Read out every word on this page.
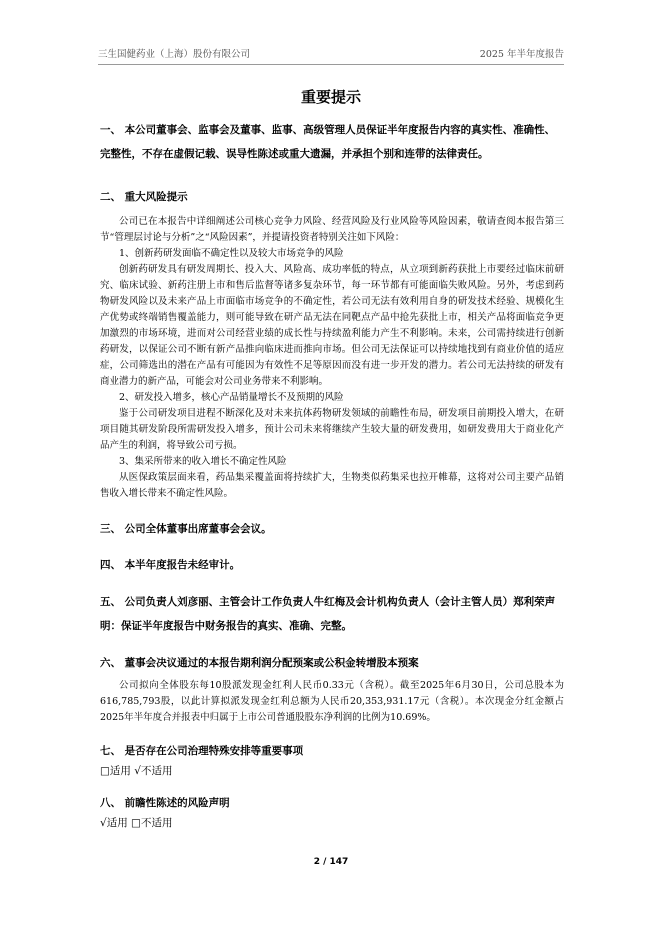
三生国健药业（上海）股份有限公司	2025 年半年度报告
重要提示
一、 本公司董事会、监事会及董事、监事、高级管理人员保证半年度报告内容的真实性、准确性、完整性，不存在虚假记载、误导性陈述或重大遗漏，并承担个别和连带的法律责任。
二、 重大风险提示
公司已在本报告中详细阐述公司核心竞争力风险、经营风险及行业风险等风险因素，敬请查阅本报告第三节“管理层讨论与分析”之“风险因素”，并提请投资者特别关注如下风险：
1、创新药研发面临不确定性以及较大市场竞争的风险
创新药研发具有研发周期长、投入大、风险高、成功率低的特点，从立项到新药获批上市要经过临床前研究、临床试验、新药注册上市和售后监督等诸多复杂环节，每一环节都有可能面临失败风险。另外，考虑到药物研发风险以及未来产品上市面临市场竞争的不确定性，若公司无法有效利用自身的研发技术经验、规模化生产优势或终端销售覆盖能力，则可能导致在研产品无法在同靶点产品中抢先获批上市，相关产品将面临竞争更加激烈的市场环境，进而对公司经营业绩的成长性与持续盈利能力产生不利影响。未来，公司需持续进行创新药研发，以保证公司不断有新产品推向临床进而推向市场。但公司无法保证可以持续地找到有商业价值的适应症，公司筛选出的潜在产品有可能因为有效性不足等原因而没有进一步开发的潜力。若公司无法持续的研发有商业潜力的新产品，可能会对公司业务带来不利影响。
2、研发投入增多，核心产品销量增长不及预期的风险
鉴于公司研发项目进程不断深化及对未来抗体药物研发领域的前瞻性布局，研发项目前期投入增大，在研项目随其研发阶段所需研发投入增多，预计公司未来将继续产生较大量的研发费用，如研发费用大于商业化产品产生的利润，将导致公司亏损。
3、集采所带来的收入增长不确定性风险
从医保政策层面来看，药品集采覆盖面将持续扩大，生物类似药集采也拉开帷幕，这将对公司主要产品销售收入增长带来不确定性风险。
三、 公司全体董事出席董事会会议。
四、 本半年度报告未经审计。
五、 公司负责人刘彦丽、主管会计工作负责人牛红梅及会计机构负责人（会计主管人员）郑利荣声明：保证半年度报告中财务报告的真实、准确、完整。
六、 董事会决议通过的本报告期利润分配预案或公积金转增股本预案
公司拟向全体股东每10股派发现金红利人民币0.33元（含税）。截至2025年6月30日，公司总股本为616,785,793股，以此计算拟派发现金红利总额为人民币20,353,931.17元（含税）。本次现金分红金额占2025年半年度合并报表中归属于上市公司普通股股东净利润的比例为10.69%。
七、 是否存在公司治理特殊安排等重要事项
□适用 √不适用
八、 前瞻性陈述的风险声明
√适用 □不适用
2 / 147
